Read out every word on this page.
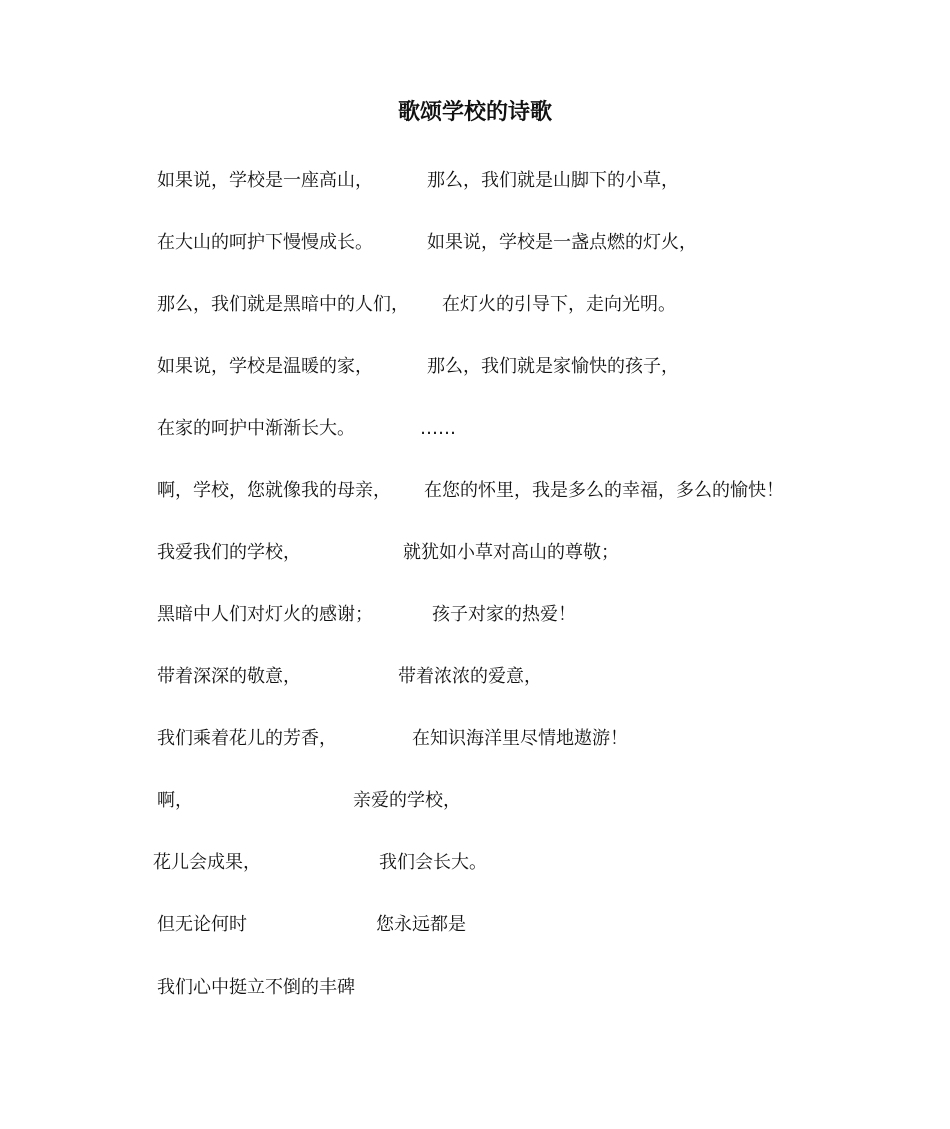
歌颂学校的诗歌
如果说，学校是一座高山，	那么，我们就是山脚下的小草，
在大山的呵护下慢慢成长。	如果说，学校是一盏点燃的灯火，
那么，我们就是黑暗中的人们， 在灯火的引导下，走向光明。
如果说，学校是温暖的家，	那么，我们就是家愉快的孩子，
在家的呵护中渐渐长大。	……
啊，学校，您就像我的母亲， 在您的怀里，我是多么的幸福，多么的愉快！
我爱我们的学校，	就犹如小草对高山的尊敬；
黑暗中人们对灯火的感谢；	孩子对家的热爱！
带着深深的敬意，	带着浓浓的爱意，
我们乘着花儿的芳香，	在知识海洋里尽情地遨游！
啊，	亲爱的学校，
花儿会成果，	我们会长大。
但无论何时	您永远都是
我们心中挺立不倒的丰碑
